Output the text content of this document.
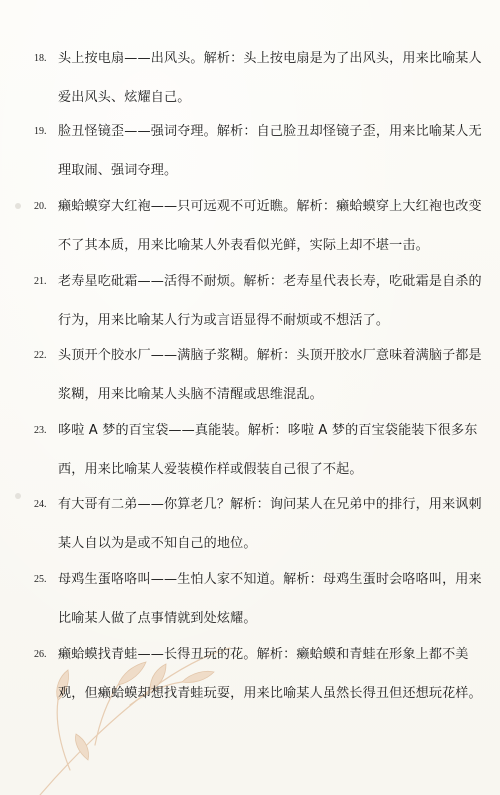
18. 头上按电扇——出风头。解析：头上按电扇是为了出风头，用来比喻某人
爱出风头、炫耀自己。
19. 脸丑怪镜歪——强词夺理。解析：自己脸丑却怪镜子歪，用来比喻某人无
理取闹、强词夺理。
20. 癞蛤蟆穿大红袍——只可远观不可近瞧。解析：癞蛤蟆穿上大红袍也改变
不了其本质，用来比喻某人外表看似光鲜，实际上却不堪一击。
21. 老寿星吃砒霜——活得不耐烦。解析：老寿星代表长寿，吃砒霜是自杀的
行为，用来比喻某人行为或言语显得不耐烦或不想活了。
22. 头顶开个胶水厂——满脑子浆糊。解析：头顶开胶水厂意味着满脑子都是
浆糊，用来比喻某人头脑不清醒或思维混乱。
23. 哆啦 A 梦的百宝袋——真能装。解析：哆啦 A 梦的百宝袋能装下很多东
西，用来比喻某人爱装模作样或假装自己很了不起。
24. 有大哥有二弟——你算老几？解析：询问某人在兄弟中的排行，用来讽刺
某人自以为是或不知自己的地位。
25. 母鸡生蛋咯咯叫——生怕人家不知道。解析：母鸡生蛋时会咯咯叫，用来
比喻某人做了点事情就到处炫耀。
26. 癞蛤蟆找青蛙——长得丑玩的花。解析：癞蛤蟆和青蛙在形象上都不美
观，但癞蛤蟆却想找青蛙玩耍，用来比喻某人虽然长得丑但还想玩花样。
